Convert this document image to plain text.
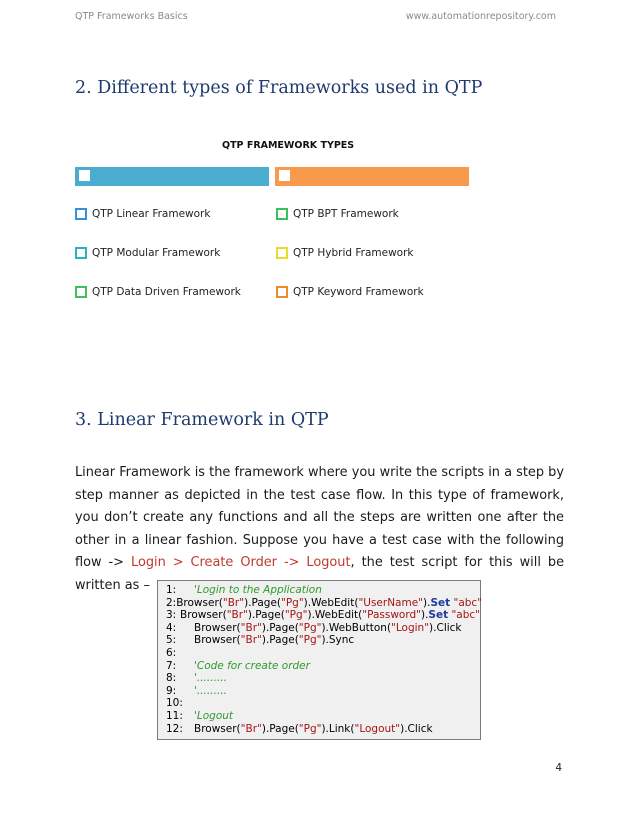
QTP Frameworks Basics	www.automationrepository.com
2. Different types of Frameworks used in QTP
QTP FRAMEWORK TYPES
QTP Linear Framework	QTP BPT Framework
QTP Modular Framework	QTP Hybrid Framework
QTP Data Driven Framework	QTP Keyword Framework
3. Linear Framework in QTP
Linear Framework is the framework where you write the scripts in a step by step manner as depicted in the test case flow. In this type of framework, you don’t create any functions and all the steps are written one after the other in a linear fashion. Suppose you have a test case with the following flow -> Login > Create Order -> Logout, the test script for this will be written as –	1:	'Login to the Application
2: Browser("Br").Page("Pg").WebEdit("UserName").Set "abc"
3: Browser("Br").Page("Pg").WebEdit("Password").Set "abc"
4:	Browser("Br").Page("Pg").WebButton("Login").Click
5:	Browser("Br").Page("Pg").Sync
6:
7:	'Code for create order
8:	'.........
9:	'.........
10:
11:	'Logout
12:	Browser("Br").Page("Pg").Link("Logout").Click
4
